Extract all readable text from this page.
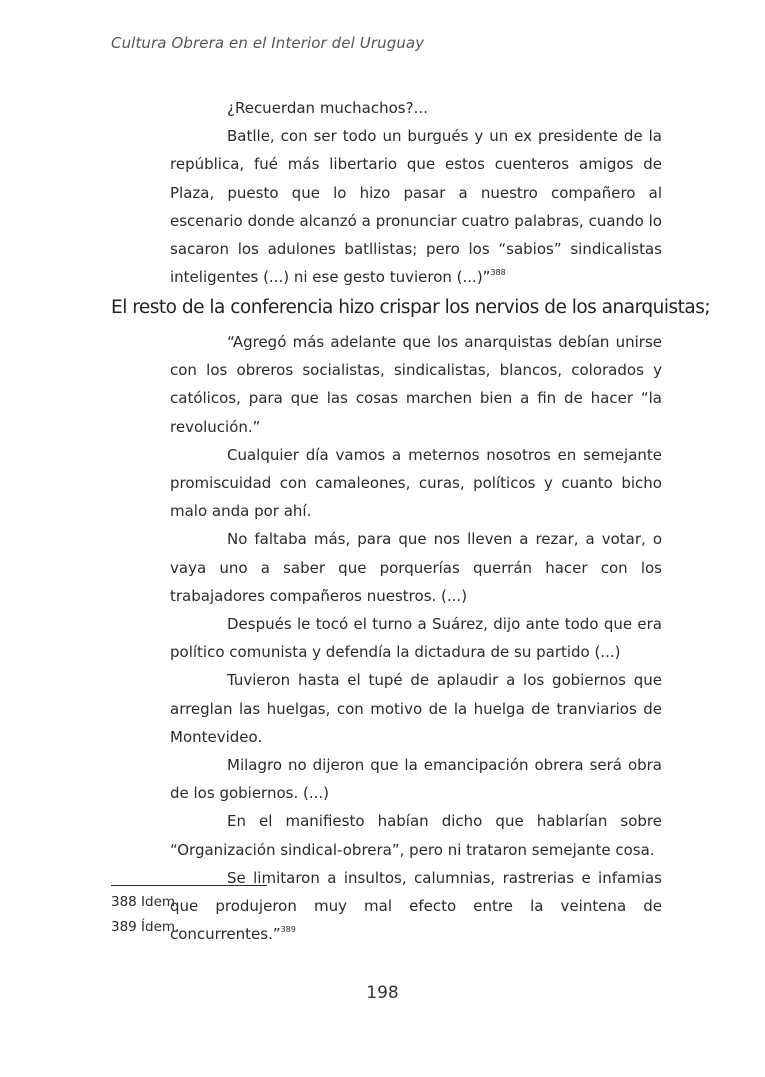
Cultura Obrera en el Interior del Uruguay

¿Recuerdan muchachos?...

Batlle, con ser todo un burgués y un ex presidente de la república, fué más libertario que estos cuenteros amigos de Plaza, puesto que lo hizo pasar a nuestro compañero al escenario donde alcanzó a pronunciar cuatro palabras, cuando lo sacaron los adulones batllistas; pero los “sabios” sindicalistas inteligentes (...) ni ese gesto tuvieron (...)”$^{388}$

El resto de la conferencia hizo crispar los nervios de los anarquistas;

“Agregó más adelante que los anarquistas debían unirse con los obreros socialistas, sindicalistas, blancos, colorados y católicos, para que las cosas marchen bien a fin de hacer “la revolución.”

Cualquier día vamos a meternos nosotros en semejante promiscuidad con camaleones, curas, políticos y cuanto bicho malo anda por ahí.

No faltaba más, para que nos lleven a rezar, a votar, o vaya uno a saber que porquerías querrán hacer con los trabajadores compañeros nuestros. (...)

Después le tocó el turno a Suárez, dijo ante todo que era político comunista y defendía la dictadura de su partido (...)

Tuvieron hasta el tupé de aplaudir a los gobiernos que arreglan las huelgas, con motivo de la huelga de tranviarios de Montevideo.

Milagro no dijeron que la emancipación obrera será obra de los gobiernos. (...)

En el manifiesto habían dicho que hablarían sobre “Organización sindical-obrera”, pero ni trataron semejante cosa.

Se limitaron a insultos, calumnias, rastrerias e infamias que produjeron muy mal efecto entre la veintena de concurrentes.”$^{389}$

388 Idem.
389 Ídem.
198
